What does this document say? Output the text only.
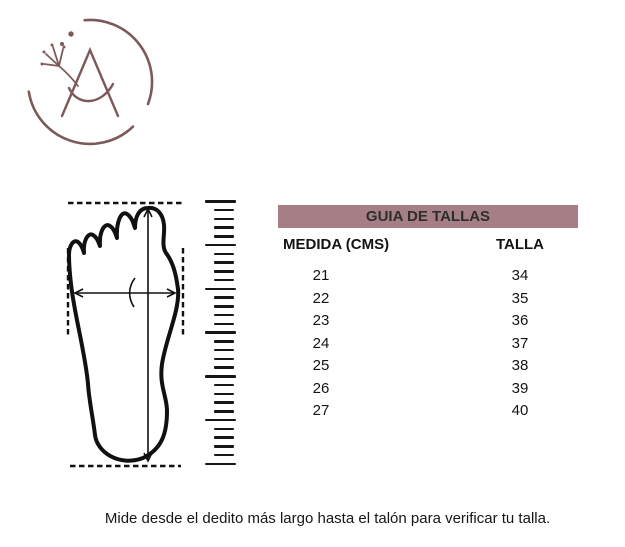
GUIA DE TALLAS
MEDIDA (CMS)	TALLA
21	34
22	35
23	36
24	37
25	38
26	39
27	40
Mide desde el dedito más largo hasta el talón para verificar tu talla.
